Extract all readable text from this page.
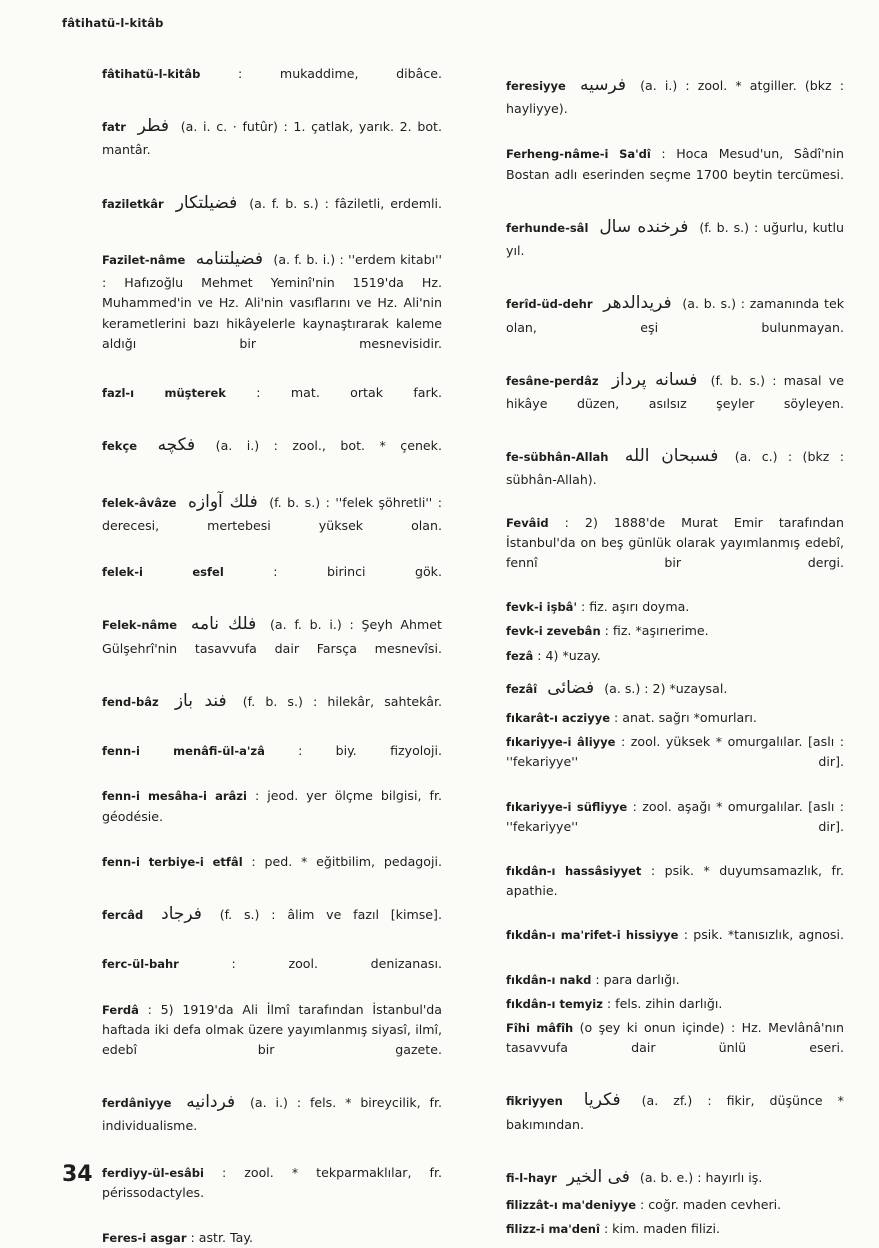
fâtihatü-l-kitâb

fâtihatü-l-kitâb : mukaddime, dibâce.

fatr فطر (a. i. c. · futûr) : 1. çatlak, yarık. 2. bot. mantâr.

faziletkâr فضيلتكار (a. f. b. s.) : fâziletli, erdemli.

Fazilet-nâme فضيلتنامه (a. f. b. i.) : ''erdem kitabı'' : Hafızoğlu Mehmet Yeminî'nin 1519'da Hz. Muhammed'in ve Hz. Ali'nin vasıflarını ve Hz. Ali'nin kerametlerini bazı hikâyelerle kaynaştırarak kaleme aldığı bir mesnevisidir.

fazl-ı müşterek : mat. ortak fark.

fekçe فكچه (a. i.) : zool., bot. * çenek.

felek-âvâze فلك آوازه (f. b. s.) : ''felek şöhretli'' : derecesi, mertebesi yüksek olan.

felek-i esfel : birinci gök.

Felek-nâme فلك نامه (a. f. b. i.) : Şeyh Ahmet Gülşehrî'nin tasavvufa dair Farsça mesnevîsi.

fend-bâz فند باز (f. b. s.) : hilekâr, sahtekâr.

fenn-i menâfi-ül-a'zâ : biy. fizyoloji.

fenn-i mesâha-i arâzi : jeod. yer ölçme bilgisi, fr. géodésie.

fenn-i terbiye-i etfâl : ped. * eğitbilim, pedagoji.

fercâd فرجاد (f. s.) : âlim ve fazıl [kimse].

ferc-ül-bahr : zool. denizanası.

Ferdâ : 5) 1919'da Ali İlmî tarafından İstanbul'da haftada iki defa olmak üzere yayımlanmış siyasî, ilmî, edebî bir gazete.

ferdâniyye فردانيه (a. i.) : fels. * bireycilik, fr. individualisme.

ferdiyy-ül-esâbi : zool. * tekparmaklılar, fr. périssodactyles.

Feres-i asgar : astr. Tay.

feresiyye فرسيه (a. i.) : zool. * atgiller. (bkz : hayliyye).

Ferheng-nâme-i Sa'dî : Hoca Mesud'un, Sâdî'nin Bostan adlı eserinden seçme 1700 beytin tercümesi.

ferhunde-sâl فرخنده سال (f. b. s.) : uğurlu, kutlu yıl.

ferîd-üd-dehr فريدالدهر (a. b. s.) : zamanında tek olan, eşi bulunmayan.

fesâne-perdâz فسانه پرداز (f. b. s.) : masal ve hikâye düzen, asılsız şeyler söyleyen.

fe-sübhân-Allah فسبحان الله (a. c.) : (bkz : sübhân-Allah).

Fevâid : 2) 1888'de Murat Emir tarafından İstanbul'da on beş günlük olarak yayımlanmış edebî, fennî bir dergi.

fevk-i işbâ' : fiz. aşırı doyma.

fevk-i zevebân : fiz. *aşırıerime.

fezâ : 4) *uzay.

fezâî فضائى (a. s.) : 2) *uzaysal.

fıkarât-ı acziyye : anat. sağrı *omurları.

fıkariyye-i âliyye : zool. yüksek * omurgalılar. [aslı : ''fekariyye'' dir].

fıkariyye-i süfliyye : zool. aşağı * omurgalılar. [aslı : ''fekariyye'' dir].

fıkdân-ı hassâsiyyet : psik. * duyumsamazlık, fr. apathie.

fıkdân-ı ma'rifet-i hissiyye : psik. *tanısızlık, agnosi.

fıkdân-ı nakd : para darlığı.

fıkdân-ı temyiz : fels. zihin darlığı.

Fîhi mâfîh (o şey ki onun içinde) : Hz. Mevlânâ'nın tasavvufa dair ünlü eseri.

fikriyyen فكريا (a. zf.) : fikir, düşünce * bakımından.

fi-l-hayr فى الخير (a. b. e.) : hayırlı iş.

filizzât-ı ma'deniyye : coğr. maden cevheri.

filizz-i ma'denî : kim. maden filizi.

34
